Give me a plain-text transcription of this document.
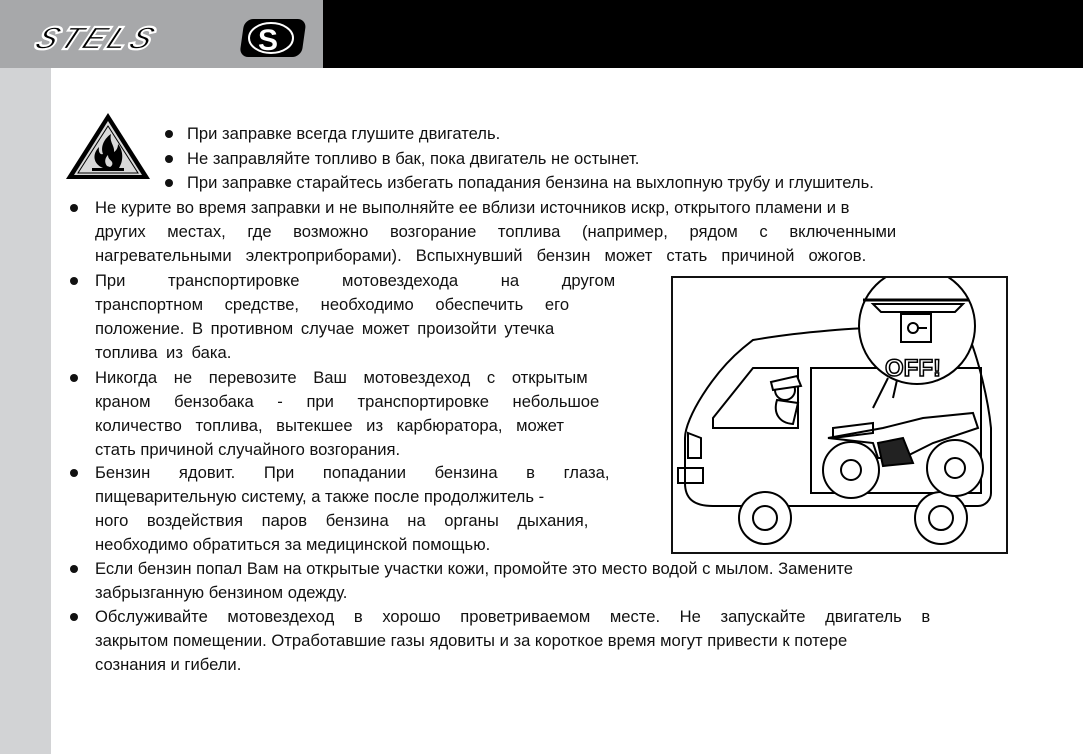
STELS	S
При заправке всегда глушите двигатель.
Не заправляйте топливо в бак, пока двигатель не остынет.
При заправке старайтесь избегать попадания бензина на выхлопную трубу и глушитель.
Не курите во время заправки и не выполняйте ее вблизи источников искр, открытого пламени и в
других местах, где возможно возгорание топлива (например, рядом с включенными
нагревательными электроприборами). Вспыхнувший бензин может стать причиной ожогов.
При транспортировке мотовездехода на другом
транспортном средстве, необходимо обеспечить его
положение. В противном случае может произойти утечка
топлива из бака.
Никогда не перевозите Ваш мотовездеход с открытым
краном бензобака - при транспортировке небольшое
количество топлива, вытекшее из карбюратора, может
стать причиной случайного возгорания.
Бензин ядовит. При попадании бензина в глаза,
пищеварительную систему, а также после продолжитель -
ного воздействия паров бензина на органы дыхания,
необходимо обратиться за медицинской помощью.
OFF!
Если бензин попал Вам на открытые участки кожи, промойте это место водой с мылом. Замените
забрызганную бензином одежду.
Обслуживайте мотовездеход в хорошо проветриваемом месте. Не запускайте двигатель в
закрытом помещении. Отработавшие газы ядовиты и за короткое время могут привести к потере
сознания и гибели.
